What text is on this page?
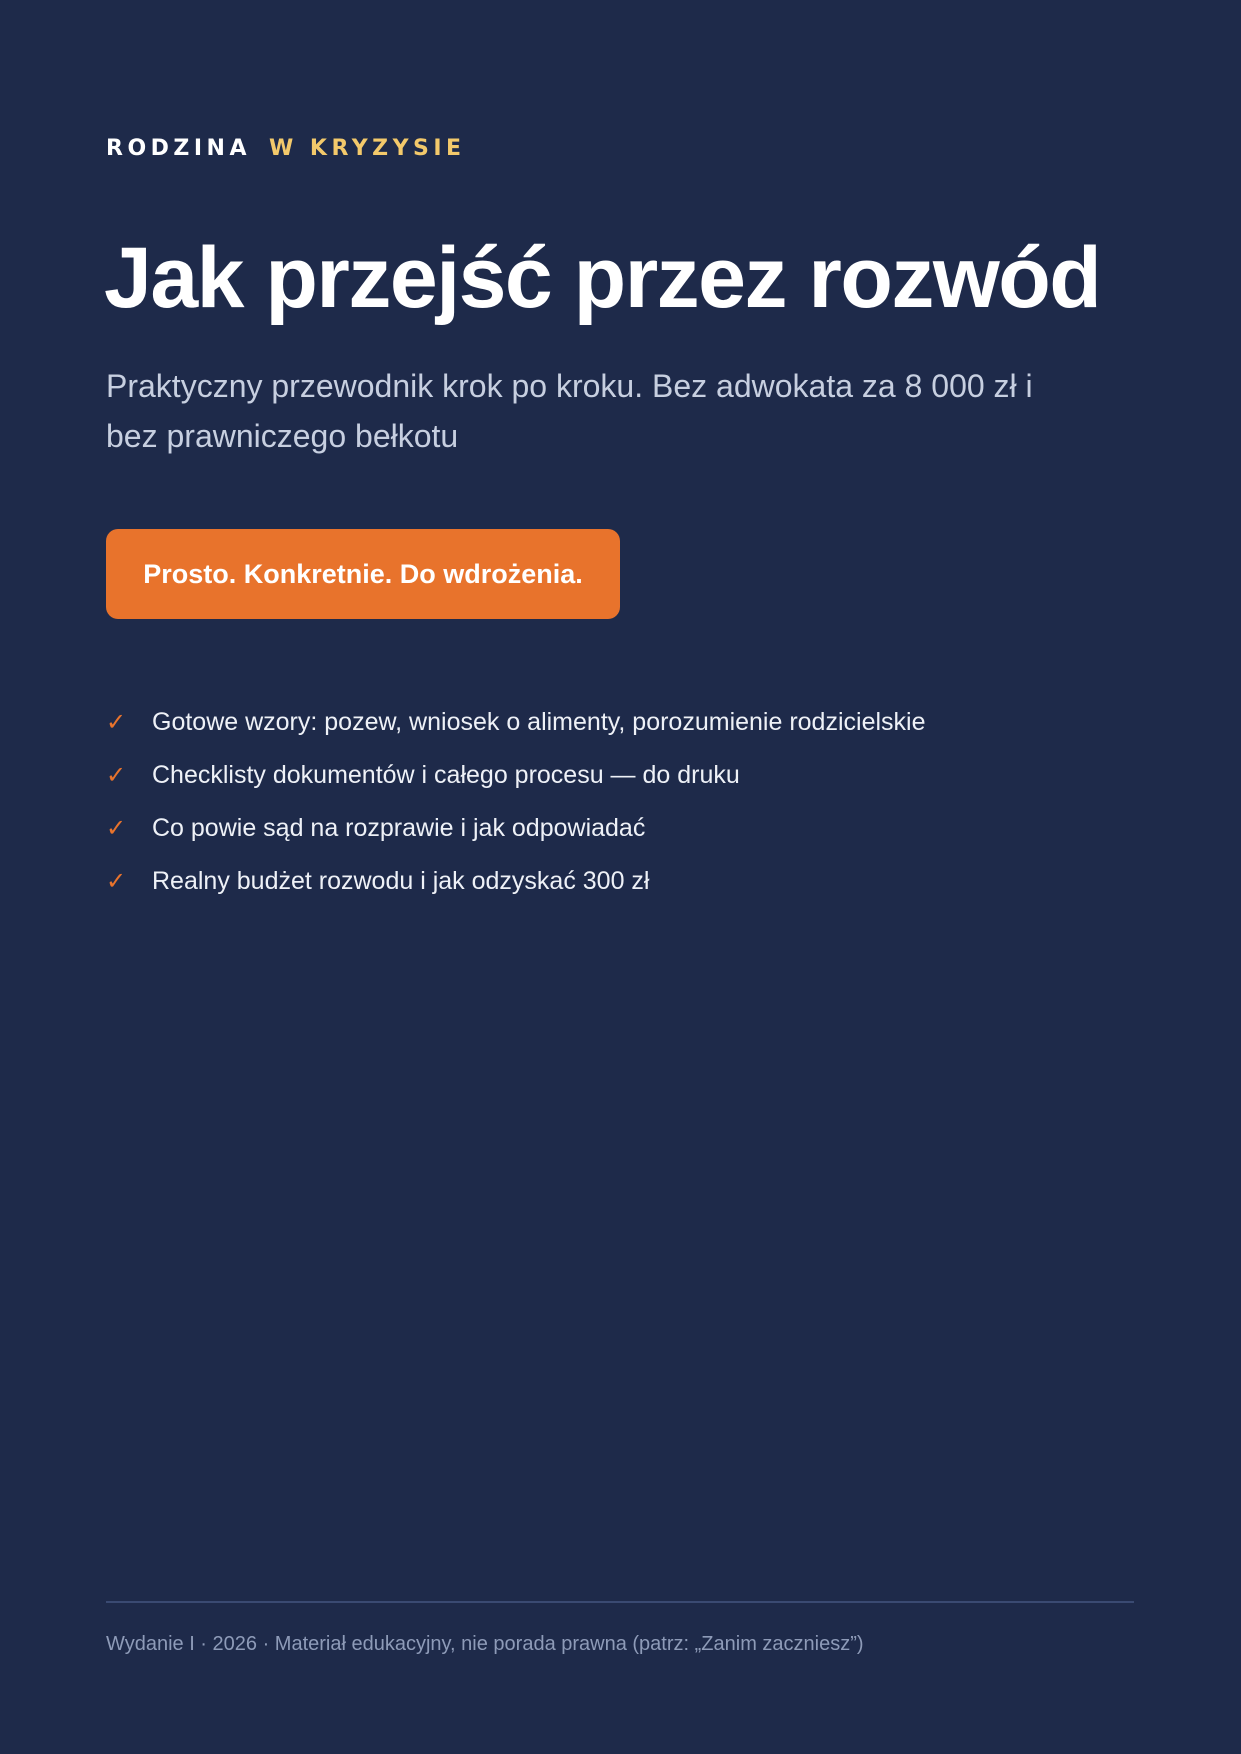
RODZINA W KRYZYSIE
Jak przejść przez rozwód

Praktyczny przewodnik krok po kroku. Bez adwokata za 8 000 zł i bez prawniczego bełkotu

Prosto. Konkretnie. Do wdrożenia.
✓	Gotowe wzory: pozew, wniosek o alimenty, porozumienie rodzicielskie
✓	Checklisty dokumentów i całego procesu — do druku
✓	Co powie sąd na rozprawie i jak odpowiadać
✓	Realny budżet rozwodu i jak odzyskać 300 zł
Wydanie I · 2026 · Materiał edukacyjny, nie porada prawna (patrz: „Zanim zaczniesz”)
